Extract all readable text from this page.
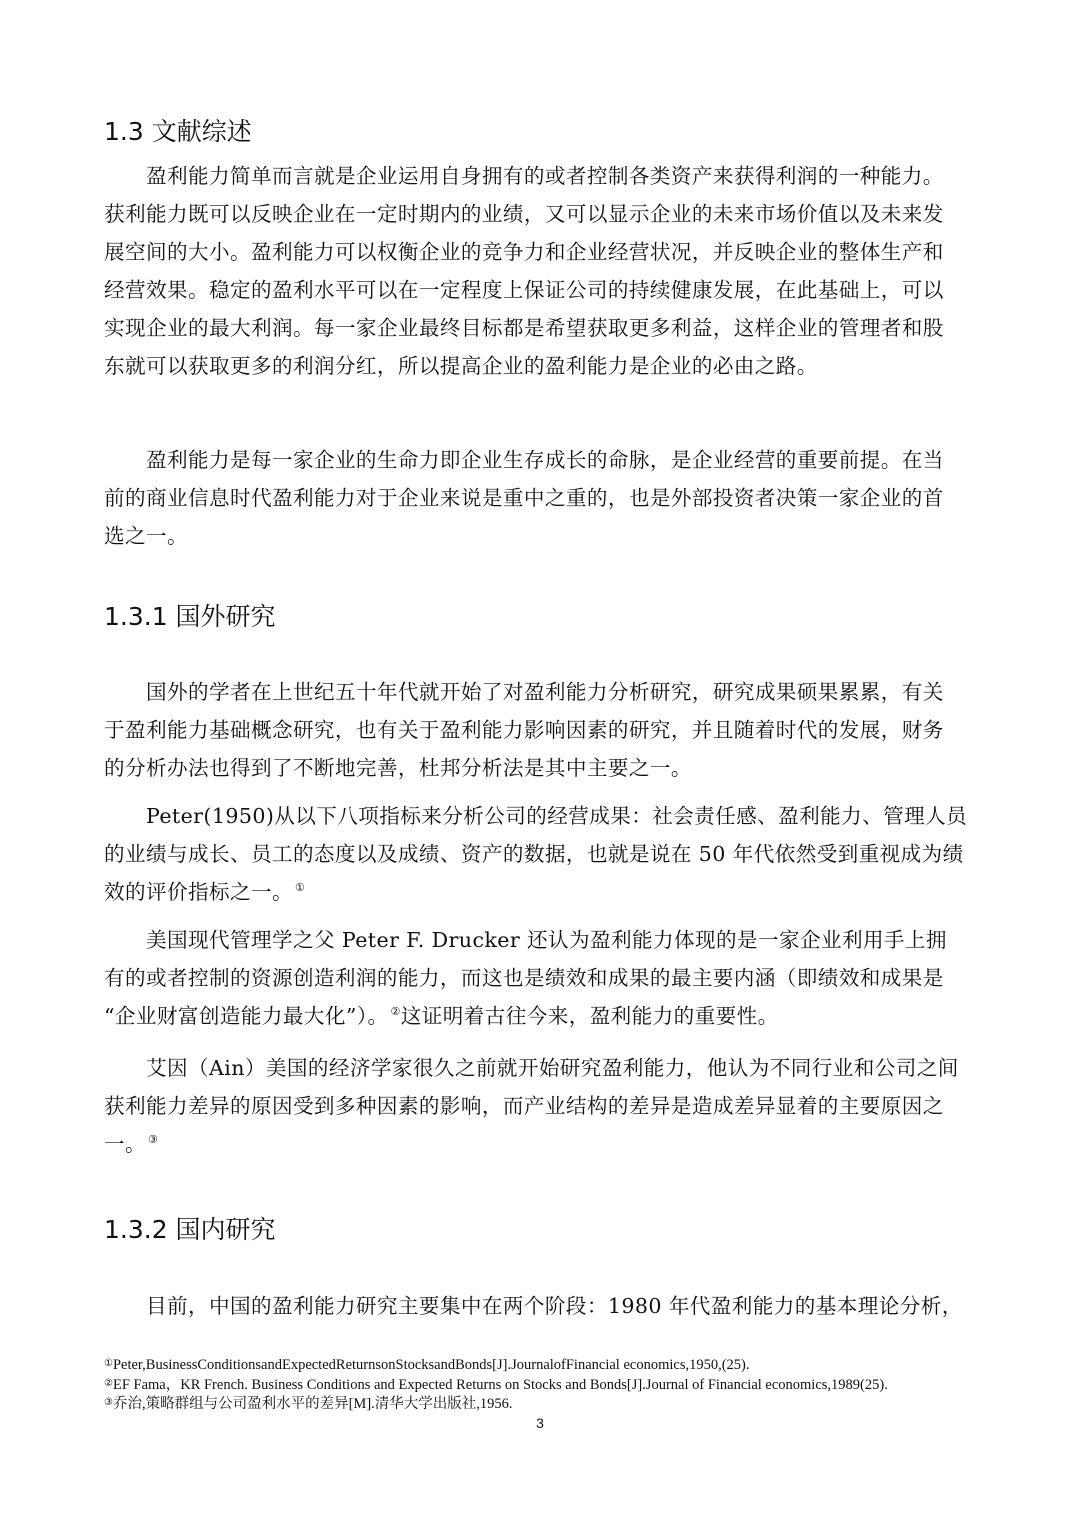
1.3 文献综述
盈利能力简单而言就是企业运用自身拥有的或者控制各类资产来获得利润的一种能力。
获利能力既可以反映企业在一定时期内的业绩，又可以显示企业的未来市场价值以及未来发
展空间的大小。盈利能力可以权衡企业的竞争力和企业经营状况，并反映企业的整体生产和
经营效果。稳定的盈利水平可以在一定程度上保证公司的持续健康发展，在此基础上，可以
实现企业的最大利润。每一家企业最终目标都是希望获取更多利益，这样企业的管理者和股
东就可以获取更多的利润分红，所以提高企业的盈利能力是企业的必由之路。
盈利能力是每一家企业的生命力即企业生存成长的命脉，是企业经营的重要前提。在当
前的商业信息时代盈利能力对于企业来说是重中之重的，也是外部投资者决策一家企业的首
选之一。
1.3.1 国外研究
国外的学者在上世纪五十年代就开始了对盈利能力分析研究，研究成果硕果累累，有关
于盈利能力基础概念研究，也有关于盈利能力影响因素的研究，并且随着时代的发展，财务
的分析办法也得到了不断地完善，杜邦分析法是其中主要之一。
Peter(1950)从以下八项指标来分析公司的经营成果：社会责任感、盈利能力、管理人员
的业绩与成长、员工的态度以及成绩、资产的数据，也就是说在 50 年代依然受到重视成为绩
效的评价指标之一。 ①
美国现代管理学之父 Peter F. Drucker 还认为盈利能力体现的是一家企业利用手上拥
有的或者控制的资源创造利润的能力，而这也是绩效和成果的最主要内涵（即绩效和成果是
“企业财富创造能力最大化”）。 ②这证明着古往今来，盈利能力的重要性。
艾因（Ain）美国的经济学家很久之前就开始研究盈利能力，他认为不同行业和公司之间
获利能力差异的原因受到多种因素的影响，而产业结构的差异是造成差异显着的主要原因之
一。 ③
1.3.2 国内研究
目前，中国的盈利能力研究主要集中在两个阶段：1980 年代盈利能力的基本理论分析，
①Peter,BusinessConditionsandExpectedReturnsonStocksandBonds[J].JournalofFinancial economics,1950,(25).
②EF Fama，KR French. Business Conditions and Expected Returns on Stocks and Bonds[J].Journal of Financial economics,1989(25).
③乔治,策略群组与公司盈利水平的差异[M].清华大学出版社,1956.
3
